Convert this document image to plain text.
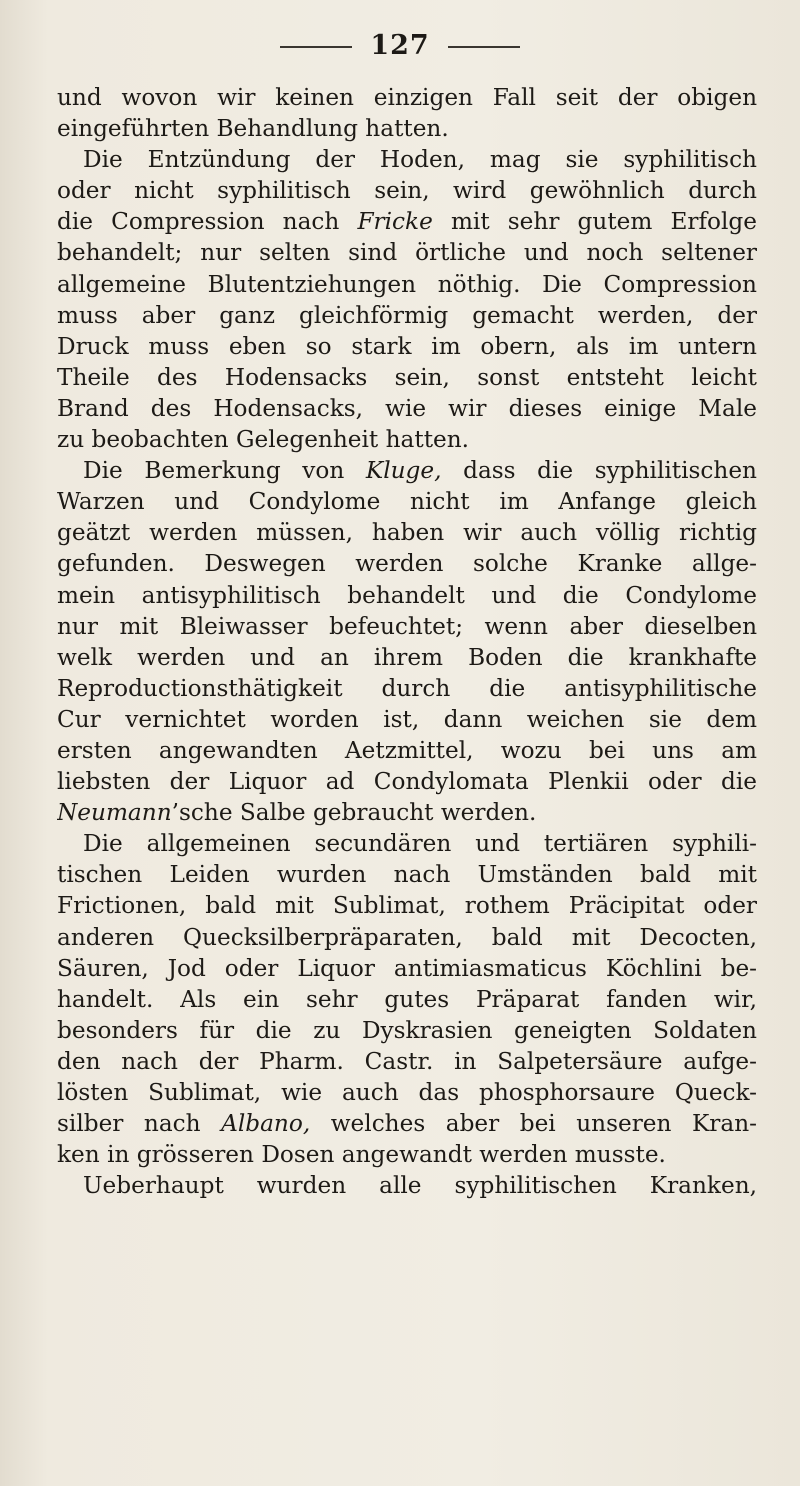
127
und wovon wir keinen einzigen Fall seit der obigen
eingeführten Behandlung hatten.
Die Entzündung der Hoden, mag sie syphilitisch
oder nicht syphilitisch sein, wird gewöhnlich durch
die Compression nach Fricke mit sehr gutem Erfolge
behandelt; nur selten sind örtliche und noch seltener
allgemeine Blutentziehungen nöthig. Die Compression
muss aber ganz gleichförmig gemacht werden, der
Druck muss eben so stark im obern, als im untern
Theile des Hodensacks sein, sonst entsteht leicht
Brand des Hodensacks, wie wir dieses einige Male
zu beobachten Gelegenheit hatten.
Die Bemerkung von Kluge, dass die syphilitischen
Warzen und Condylome nicht im Anfange gleich
geätzt werden müssen, haben wir auch völlig richtig
gefunden. Deswegen werden solche Kranke allge-
mein antisyphilitisch behandelt und die Condylome
nur mit Bleiwasser befeuchtet; wenn aber dieselben
welk werden und an ihrem Boden die krankhafte
Reproductionsthätigkeit durch die antisyphilitische
Cur vernichtet worden ist, dann weichen sie dem
ersten angewandten Aetzmittel, wozu bei uns am
liebsten der Liquor ad Condylomata Plenkii oder die
Neumann’sche Salbe gebraucht werden.
Die allgemeinen secundären und tertiären syphili-
tischen Leiden wurden nach Umständen bald mit
Frictionen, bald mit Sublimat, rothem Präcipitat oder
anderen Quecksilberpräparaten, bald mit Decocten,
Säuren, Jod oder Liquor antimiasmaticus Köchlini be-
handelt. Als ein sehr gutes Präparat fanden wir,
besonders für die zu Dyskrasien geneigten Soldaten
den nach der Pharm. Castr. in Salpetersäure aufge-
lösten Sublimat, wie auch das phosphorsaure Queck-
silber nach Albano, welches aber bei unseren Kran-
ken in grösseren Dosen angewandt werden musste.
Ueberhaupt wurden alle syphilitischen Kranken,
